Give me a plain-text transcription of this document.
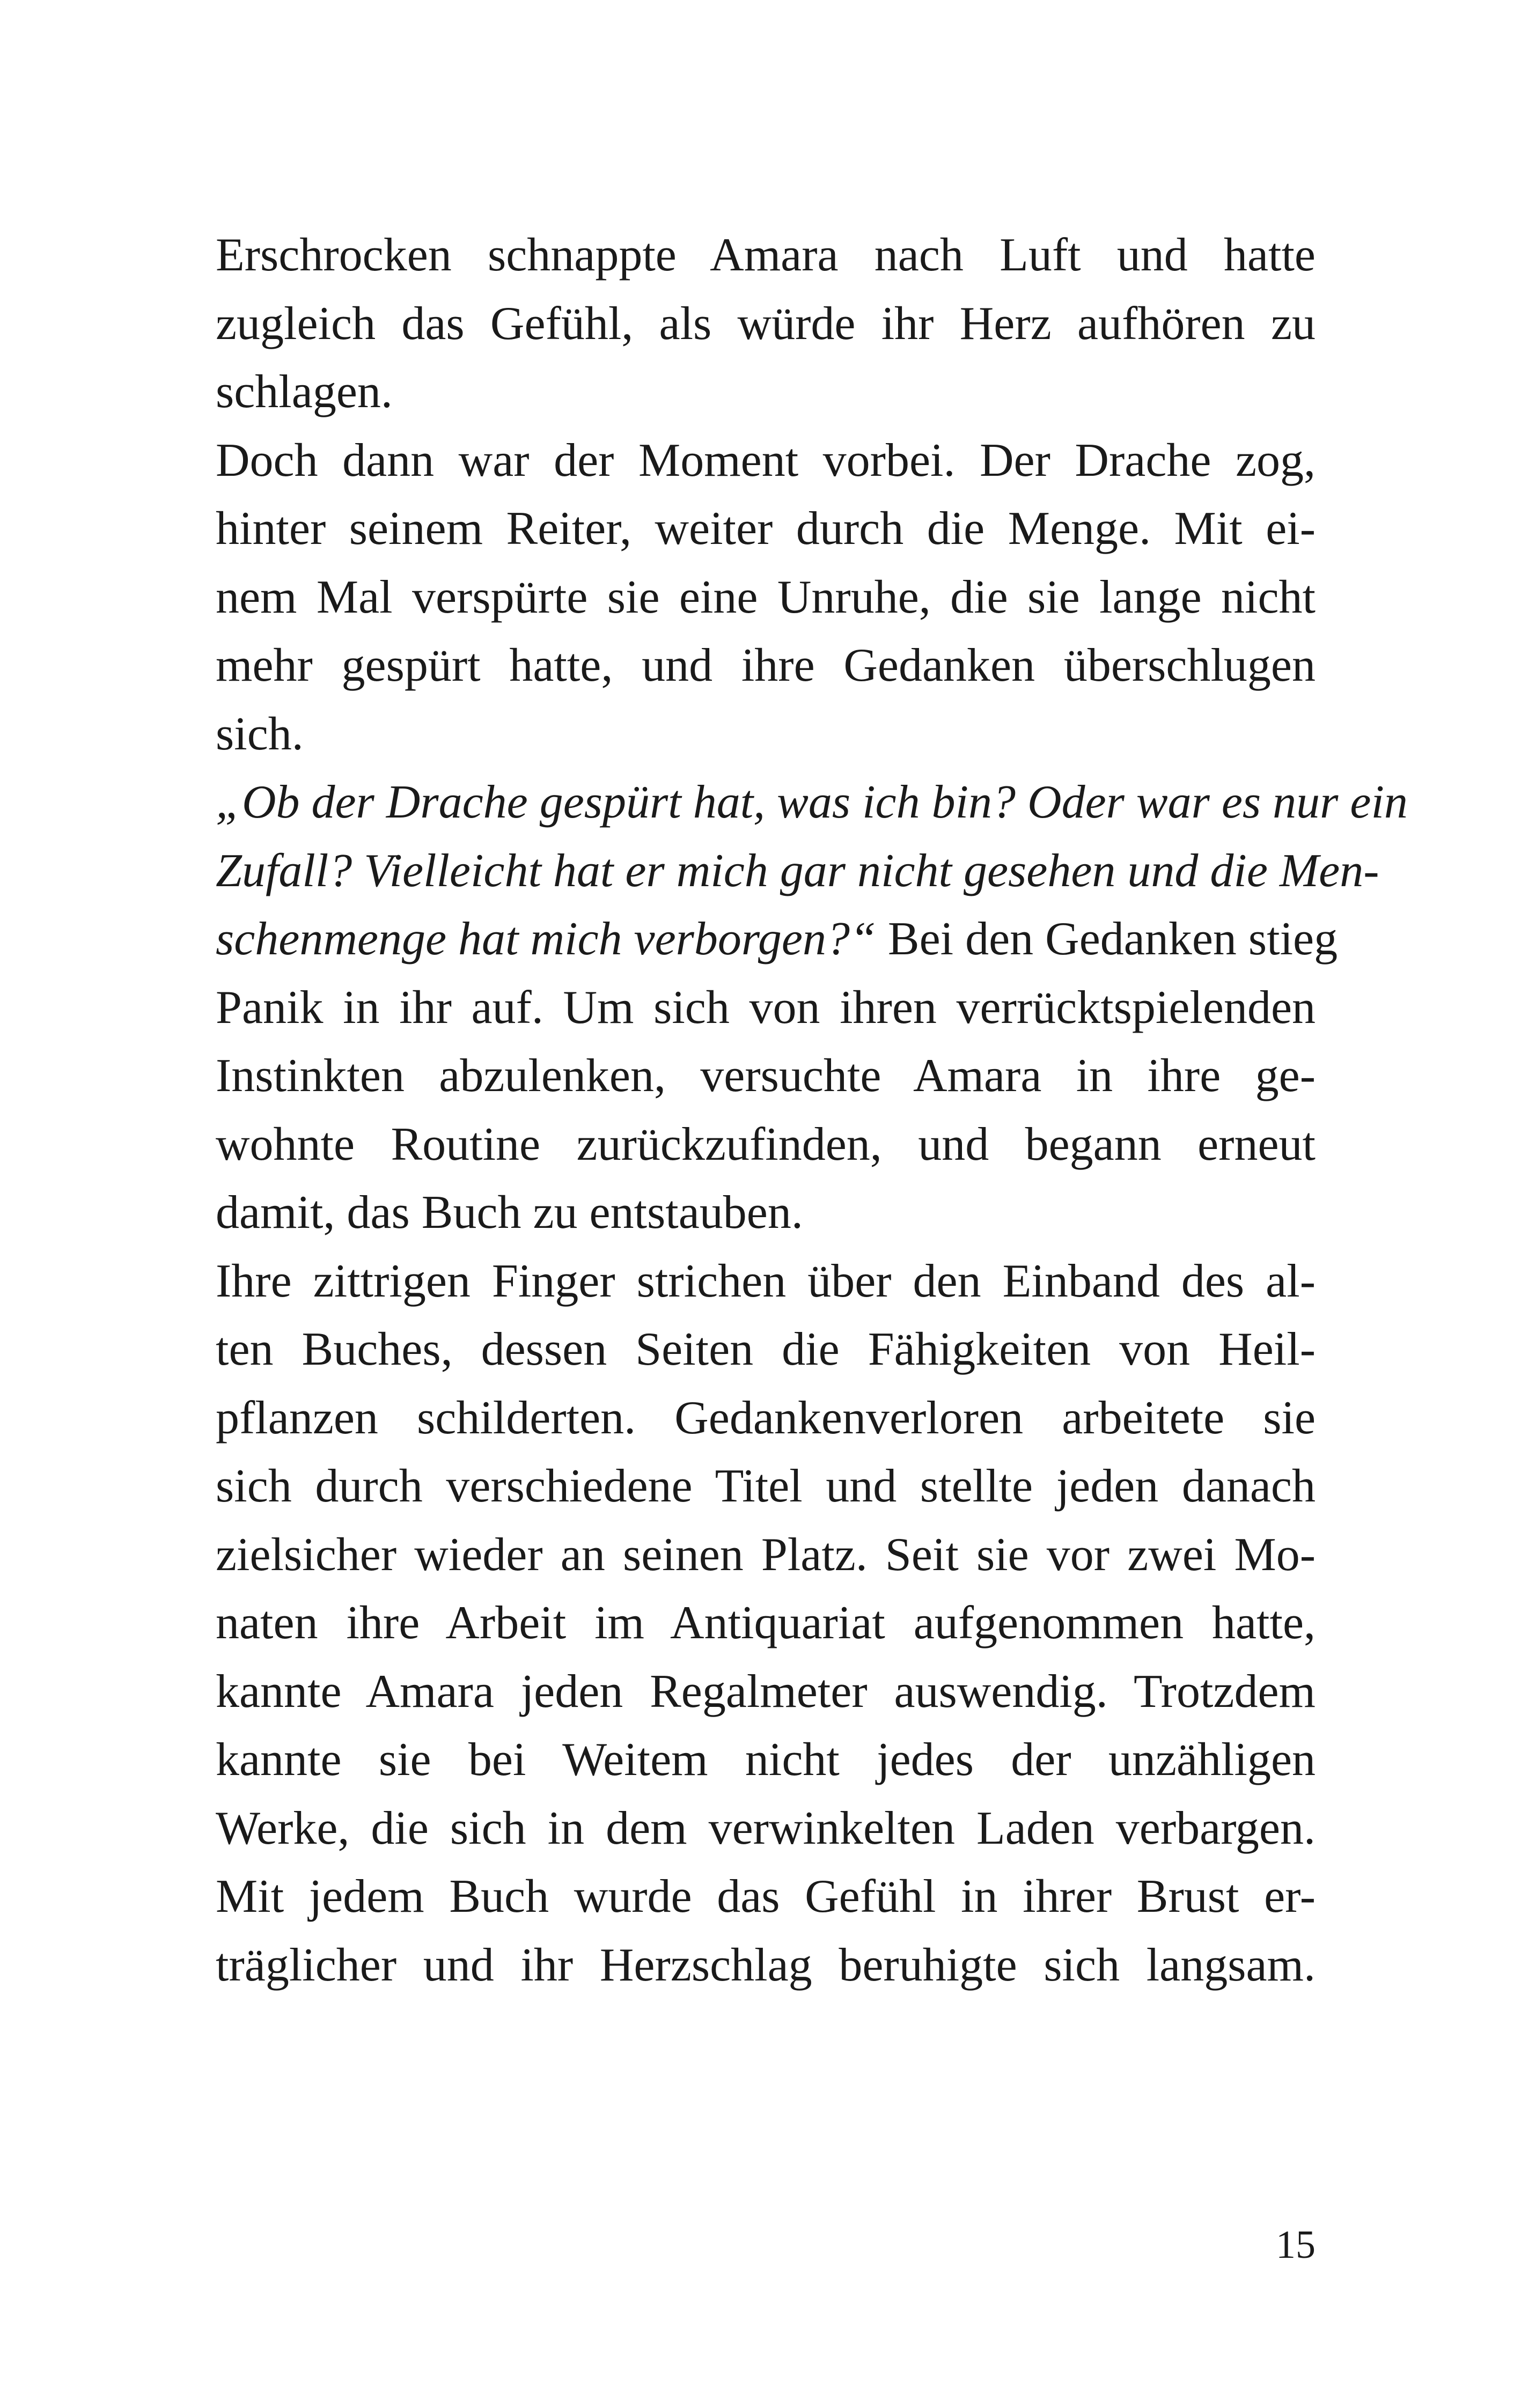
Erschrocken schnappte Amara nach Luft und hatte
zugleich das Gefühl, als würde ihr Herz aufhören zu
schlagen.
Doch dann war der Moment vorbei. Der Drache zog,
hinter seinem Reiter, weiter durch die Menge. Mit ei-
nem Mal verspürte sie eine Unruhe, die sie lange nicht
mehr gespürt hatte, und ihre Gedanken überschlugen
sich.
„Ob der Drache gespürt hat, was ich bin? Oder war es nur ein
Zufall? Vielleicht hat er mich gar nicht gesehen und die Men-
schenmenge hat mich verborgen?“ Bei den Gedanken stieg
Panik in ihr auf. Um sich von ihren verrücktspielenden
Instinkten abzulenken, versuchte Amara in ihre ge-
wohnte Routine zurückzufinden, und begann erneut
damit, das Buch zu entstauben.
Ihre zittrigen Finger strichen über den Einband des al-
ten Buches, dessen Seiten die Fähigkeiten von Heil-
pflanzen schilderten. Gedankenverloren arbeitete sie
sich durch verschiedene Titel und stellte jeden danach
zielsicher wieder an seinen Platz. Seit sie vor zwei Mo-
naten ihre Arbeit im Antiquariat aufgenommen hatte,
kannte Amara jeden Regalmeter auswendig. Trotzdem
kannte sie bei Weitem nicht jedes der unzähligen
Werke, die sich in dem verwinkelten Laden verbargen.
Mit jedem Buch wurde das Gefühl in ihrer Brust er-
träglicher und ihr Herzschlag beruhigte sich langsam.
15
